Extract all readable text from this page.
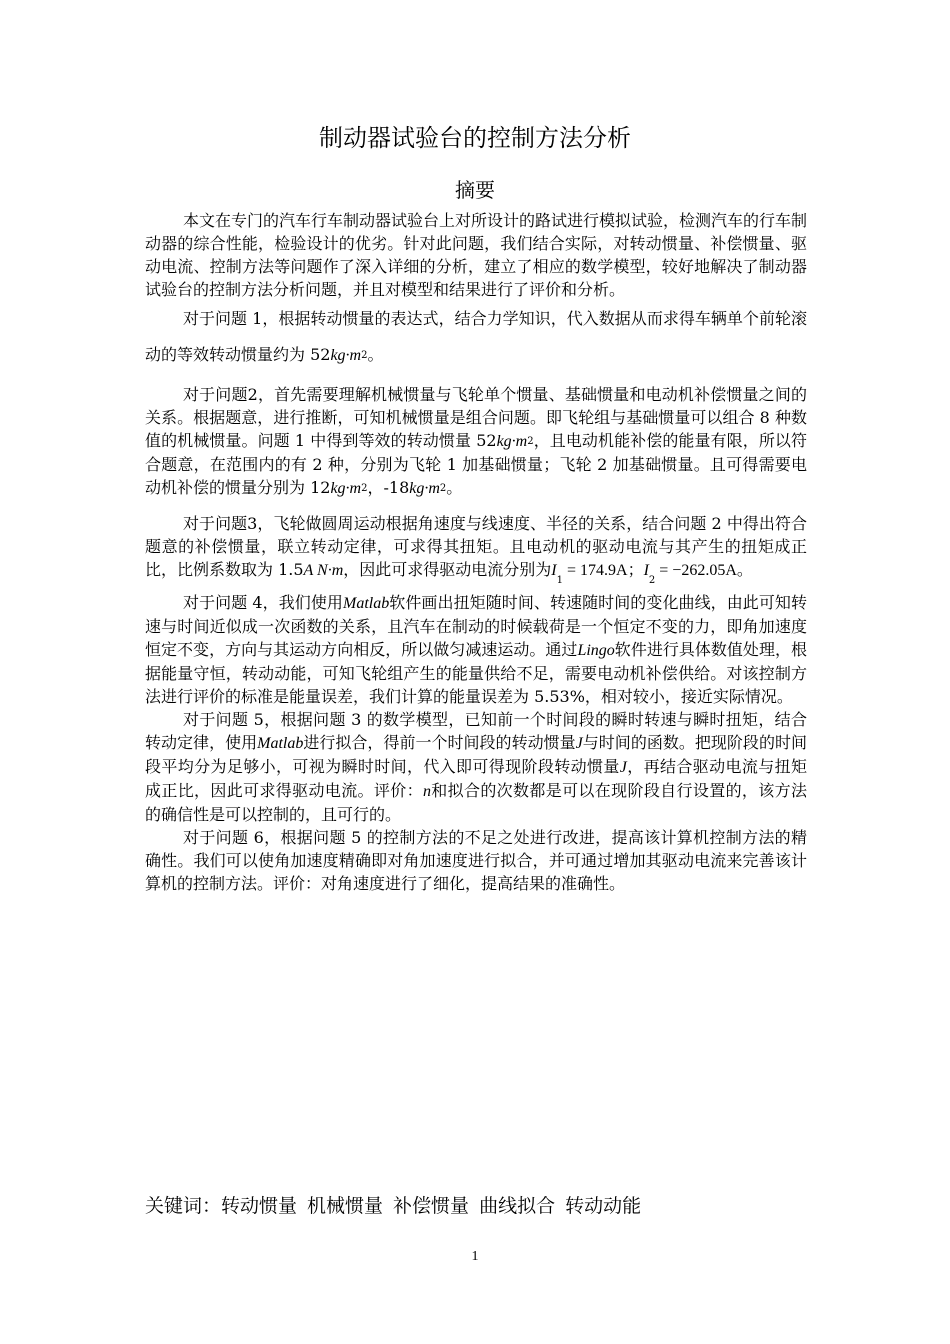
制动器试验台的控制方法分析
摘要

本文在专门的汽车行车制动器试验台上对所设计的路试进行模拟试验，检测汽车的行车制动器的综合性能，检验设计的优劣。针对此问题，我们结合实际，对转动惯量、补偿惯量、驱动电流、控制方法等问题作了深入详细的分析，建立了相应的数学模型，较好地解决了制动器试验台的控制方法分析问题，并且对模型和结果进行了评价和分析。

对于问题 1，根据转动惯量的表达式，结合力学知识，代入数据从而求得车辆单个前轮滚动的等效转动惯量约为 $52kg\cdot m^2$。

对于问题2，首先需要理解机械惯量与飞轮单个惯量、基础惯量和电动机补偿惯量之间的关系。根据题意，进行推断，可知机械惯量是组合问题。即飞轮组与基础惯量可以组合 8 种数值的机械惯量。问题 1 中得到等效的转动惯量 $52kg\cdot m^2$，且电动机能补偿的能量有限，所以符合题意，在范围内的有 2 种，分别为飞轮 1 加基础惯量；飞轮 2 加基础惯量。且可得需要电动机补偿的惯量分别为 $12kg\cdot m^2$，$-18kg\cdot m^2$。

对于问题3，飞轮做圆周运动根据角速度与线速度、半径的关系，结合问题 2 中得出符合题意的补偿惯量，联立转动定律，可求得其扭矩。且电动机的驱动电流与其产生的扭矩成正比，比例系数取为 1.5A N·m，因此可求得驱动电流分别为$I_1 = 174.9A$；$I_2 = -262.05A$。

对于问题 4，我们使用Matlab软件画出扭矩随时间、转速随时间的变化曲线，由此可知转速与时间近似成一次函数的关系，且汽车在制动的时候载荷是一个恒定不变的力，即角加速度恒定不变，方向与其运动方向相反，所以做匀减速运动。通过Lingo软件进行具体数值处理，根据能量守恒，转动动能，可知飞轮组产生的能量供给不足，需要电动机补偿供给。对该控制方法进行评价的标准是能量误差，我们计算的能量误差为 5.53%，相对较小，接近实际情况。

对于问题 5，根据问题 3 的数学模型，已知前一个时间段的瞬时转速与瞬时扭矩，结合转动定律，使用Matlab进行拟合，得前一个时间段的转动惯量J与时间的函数。把现阶段的时间段平均分为足够小，可视为瞬时时间，代入即可得现阶段转动惯量J，再结合驱动电流与扭矩成正比，因此可求得驱动电流。评价：n和拟合的次数都是可以在现阶段自行设置的，该方法的确信性是可以控制的，且可行的。

对于问题 6，根据问题 5 的控制方法的不足之处进行改进，提高该计算机控制方法的精确性。我们可以使角加速度精确即对角加速度进行拟合，并可通过增加其驱动电流来完善该计算机的控制方法。评价：对角速度进行了细化，提高结果的准确性。

关键词：转动惯量 机械惯量 补偿惯量 曲线拟合 转动动能
1
